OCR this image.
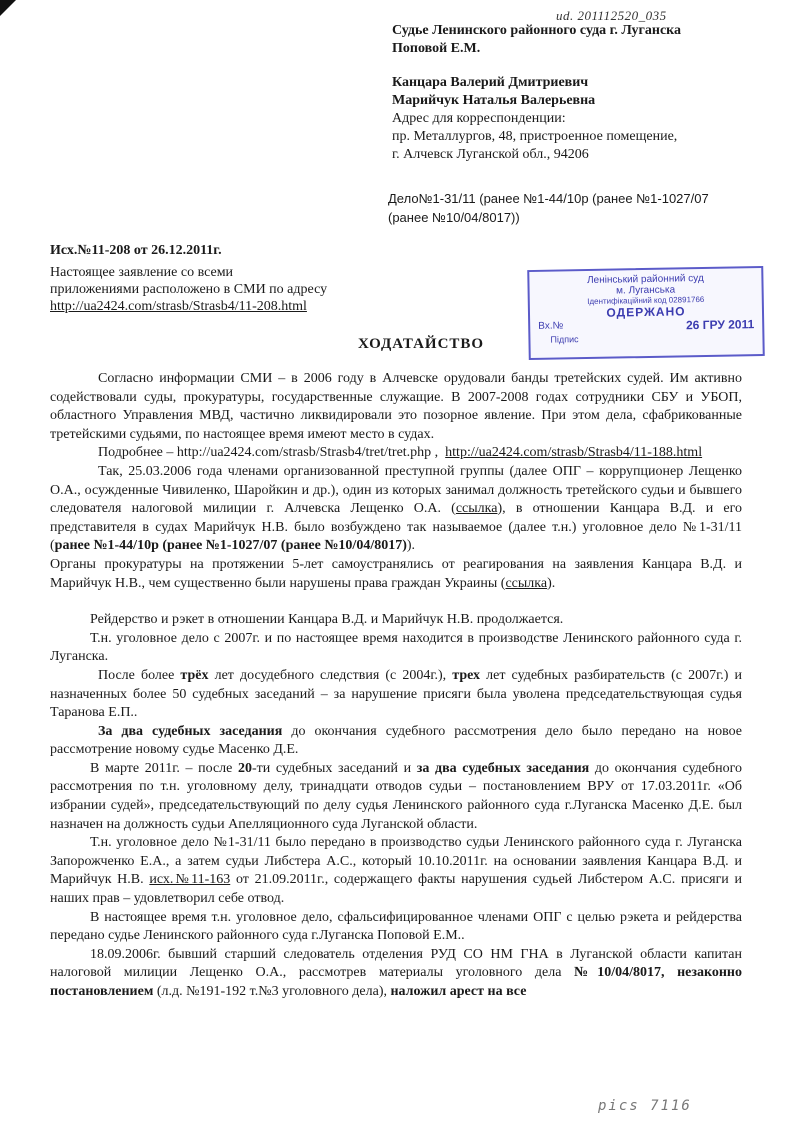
ud. 201112520_035
Судье Ленинского районного суда г. Луганска
Поповой Е.М.
Канцара Валерий Дмитриевич
Марийчук Наталья Валерьевна
Адрес для корреспонденции:
пр. Металлургов, 48, пристроенное помещение,
г. Алчевск Луганской обл., 94206
Дело№1-31/11 (ранее №1-44/10р (ранее №1-1027/07
(ранее №10/04/8017))
Исх.№11-208 от 26.12.2011г.
Настоящее заявление со всеми
приложениями расположено в СМИ по адресу
http://ua2424.com/strasb/Strasb4/11-208.html
Ленінський районний суд
м. Луганська
Ідентифікаційний код 02891766
ОДЕРЖАНО
Вх.№	26 ГРУ 2011
Підпис
ХОДАТАЙСТВО

Согласно информации СМИ – в 2006 году в Алчевске орудовали банды третейских судей. Им активно содействовали суды, прокуратуры, государственные служащие. В 2007-2008 годах сотрудники СБУ и УБОП, областного Управления МВД, частично ликвидировали это позорное явление. При этом дела, сфабрикованные третейскими судьями, по настоящее время имеют место в судах.

Подробнее – http://ua2424.com/strasb/Strasb4/tret/tret.php , http://ua2424.com/strasb/Strasb4/11-188.html

Так, 25.03.2006 года членами организованной преступной группы (далее ОПГ – коррупционер Лещенко О.А., осужденные Чивиленко, Шаройкин и др.), один из которых занимал должность третейского судьи и бывшего следователя налоговой милиции г. Алчевска Лещенко О.А. (ссылка), в отношении Канцара В.Д. и его представителя в судах Марийчук Н.В. было возбуждено так называемое (далее т.н.) уголовное дело №1-31/11 (ранее №1-44/10р (ранее №1-1027/07 (ранее №10/04/8017)).

Органы прокуратуры на протяжении 5-лет самоустранялись от реагирования на заявления Канцара В.Д. и Марийчук Н.В., чем существенно были нарушены права граждан Украины (ссылка).

Рейдерство и рэкет в отношении Канцара В.Д. и Марийчук Н.В. продолжается.

Т.н. уголовное дело с 2007г. и по настоящее время находится в производстве Ленинского районного суда г. Луганска.

После более трёх лет досудебного следствия (с 2004г.), трех лет судебных разбирательств (с 2007г.) и назначенных более 50 судебных заседаний – за нарушение присяги была уволена председательствующая судья Таранова Е.П..

За два судебных заседания до окончания судебного рассмотрения дело было передано на новое рассмотрение новому судье Масенко Д.Е.

В марте 2011г. – после 20-ти судебных заседаний и за два судебных заседания до окончания судебного рассмотрения по т.н. уголовному делу, тринадцати отводов судьи – постановлением ВРУ от 17.03.2011г. «Об избрании судей», председательствующий по делу судья Ленинского районного суда г.Луганска Масенко Д.Е. был назначен на должность судьи Апелляционного суда Луганской области.

Т.н. уголовное дело №1-31/11 было передано в производство судьи Ленинского районного суда г. Луганска Запорожченко Е.А., а затем судьи Либстера А.С., который 10.10.2011г. на основании заявления Канцара В.Д. и Марийчук Н.В. исх.№11-163 от 21.09.2011г., содержащего факты нарушения судьей Либстером А.С. присяги и наших прав – удовлетворил себе отвод.

В настоящее время т.н. уголовное дело, сфальсифицированное членами ОПГ с целью рэкета и рейдерства передано судье Ленинского районного суда г.Луганска Поповой Е.М..

18.09.2006г. бывший старший следователь отделения РУД СО НМ ГНА в Луганской области капитан налоговой милиции Лещенко О.А., рассмотрев материалы уголовного дела №10/04/8017, незаконно постановлением (л.д. №191-192 т.№3 уголовного дела), наложил арест на все

pics 7116
